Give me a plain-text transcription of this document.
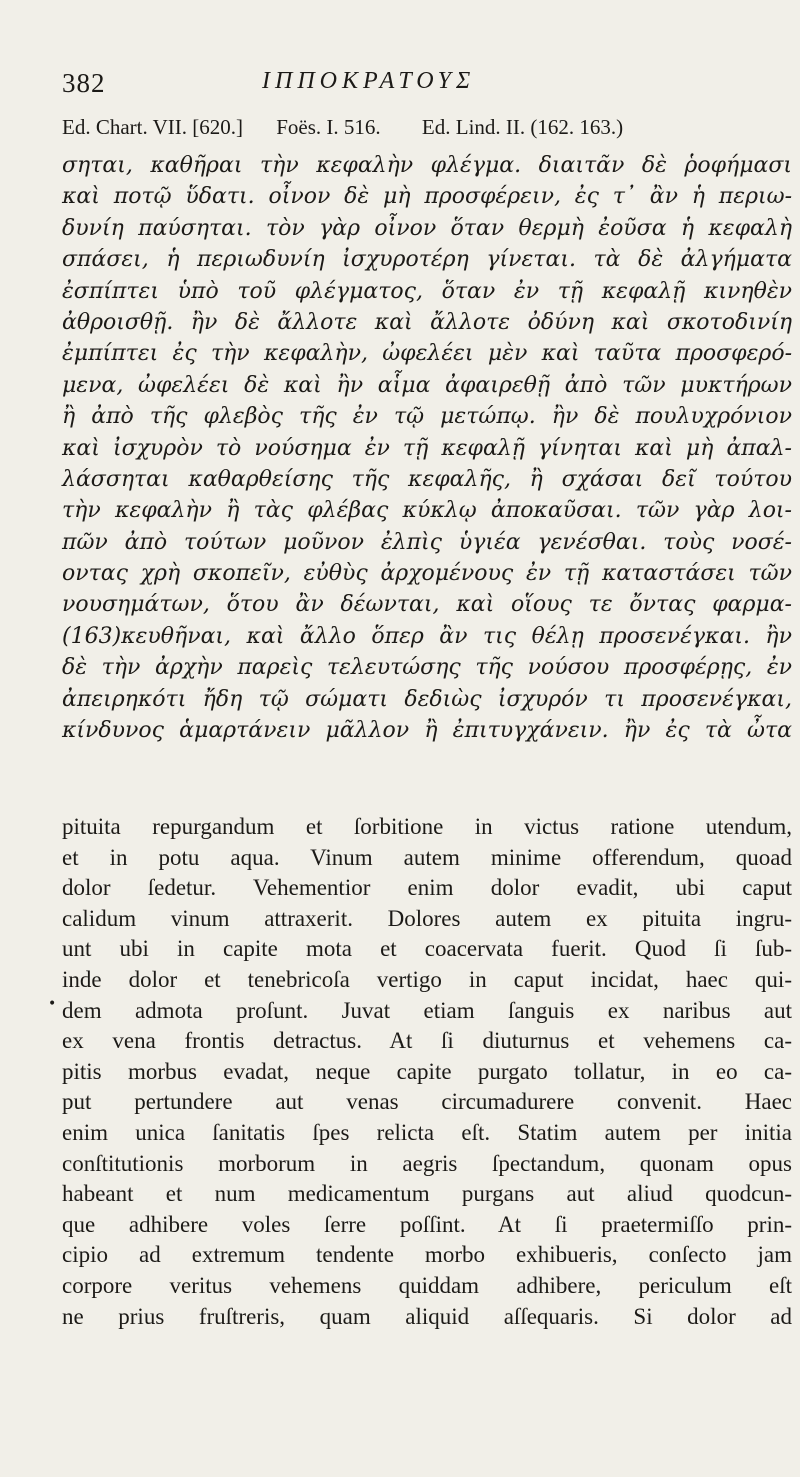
382	ΙΠΠΟΚΡΑΤΟΥΣ
Ed. Chart. VII. [620.] Foës. I. 516. Ed. Lind. II. (162. 163.)
σηται, καθῆραι τὴν κεφαλὴν φλέγμα. διαιτᾶν δὲ ῥοφήμασι
καὶ ποτῷ ὕδατι. οἶνον δὲ μὴ προσφέρειν, ἐς τ᾿ ἂν ἡ περιω-
δυνίη παύσηται. τὸν γὰρ οἶνον ὅταν θερμὴ ἐοῦσα ἡ κεφαλὴ
σπάσει, ἡ περιωδυνίη ἰσχυροτέρη γίνεται. τὰ δὲ ἀλγήματα
ἐσπίπτει ὑπὸ τοῦ φλέγματος, ὅταν ἐν τῇ κεφαλῇ κινηθὲν
ἀθροισθῇ. ἢν δὲ ἄλλοτε καὶ ἄλλοτε ὀδύνη καὶ σκοτοδινίη
ἐμπίπτει ἐς τὴν κεφαλὴν, ὠφελέει μὲν καὶ ταῦτα προσφερό-
μενα, ὠφελέει δὲ καὶ ἢν αἷμα ἀφαιρεθῇ ἀπὸ τῶν μυκτήρων
ἢ ἀπὸ τῆς φλεβὸς τῆς ἐν τῷ μετώπῳ. ἢν δὲ πουλυχρόνιον
καὶ ἰσχυρὸν τὸ νούσημα ἐν τῇ κεφαλῇ γίνηται καὶ μὴ ἀπαλ-
λάσσηται καθαρθείσης τῆς κεφαλῆς, ἢ σχάσαι δεῖ τούτου
τὴν κεφαλὴν ἢ τὰς φλέβας κύκλῳ ἀποκαῦσαι. τῶν γὰρ λοι-
πῶν ἀπὸ τούτων μοῦνον ἐλπὶς ὑγιέα γενέσθαι. τοὺς νοσέ-
οντας χρὴ σκοπεῖν, εὐθὺς ἀρχομένους ἐν τῇ καταστάσει τῶν
νουσημάτων, ὅτου ἂν δέωνται, καὶ οἵους τε ὄντας φαρμα-
(163)κευθῆναι, καὶ ἄλλο ὅπερ ἂν τις θέλῃ προσενέγκαι. ἢν
δὲ τὴν ἀρχὴν παρεὶς τελευτώσης τῆς νούσου προσφέρῃς, ἐν
ἀπειρηκότι ἤδη τῷ σώματι δεδιὼς ἰσχυρόν τι προσενέγκαι,
κίνδυνος ἁμαρτάνειν μᾶλλον ἢ ἐπιτυγχάνειν. ἢν ἐς τὰ ὦτα
•
pituita repurgandum et ſorbitione in victus ratione utendum,
et in potu aqua. Vinum autem minime offerendum, quoad
dolor ſedetur. Vehementior enim dolor evadit, ubi caput
calidum vinum attraxerit. Dolores autem ex pituita ingru-
unt ubi in capite mota et coacervata fuerit. Quod ſi ſub-
inde dolor et tenebricoſa vertigo in caput incidat, haec qui-
dem admota proſunt. Juvat etiam ſanguis ex naribus aut
ex vena frontis detractus. At ſi diuturnus et vehemens ca-
pitis morbus evadat, neque capite purgato tollatur, in eo ca-
put pertundere aut venas circumadurere convenit. Haec
enim unica ſanitatis ſpes relicta eſt. Statim autem per initia
conſtitutionis morborum in aegris ſpectandum, quonam opus
habeant et num medicamentum purgans aut aliud quodcun-
que adhibere voles ſerre poſſint. At ſi praetermiſſo prin-
cipio ad extremum tendente morbo exhibueris, conſecto jam
corpore veritus vehemens quiddam adhibere, periculum eſt
ne prius fruſtreris, quam aliquid aſſequaris. Si dolor ad
